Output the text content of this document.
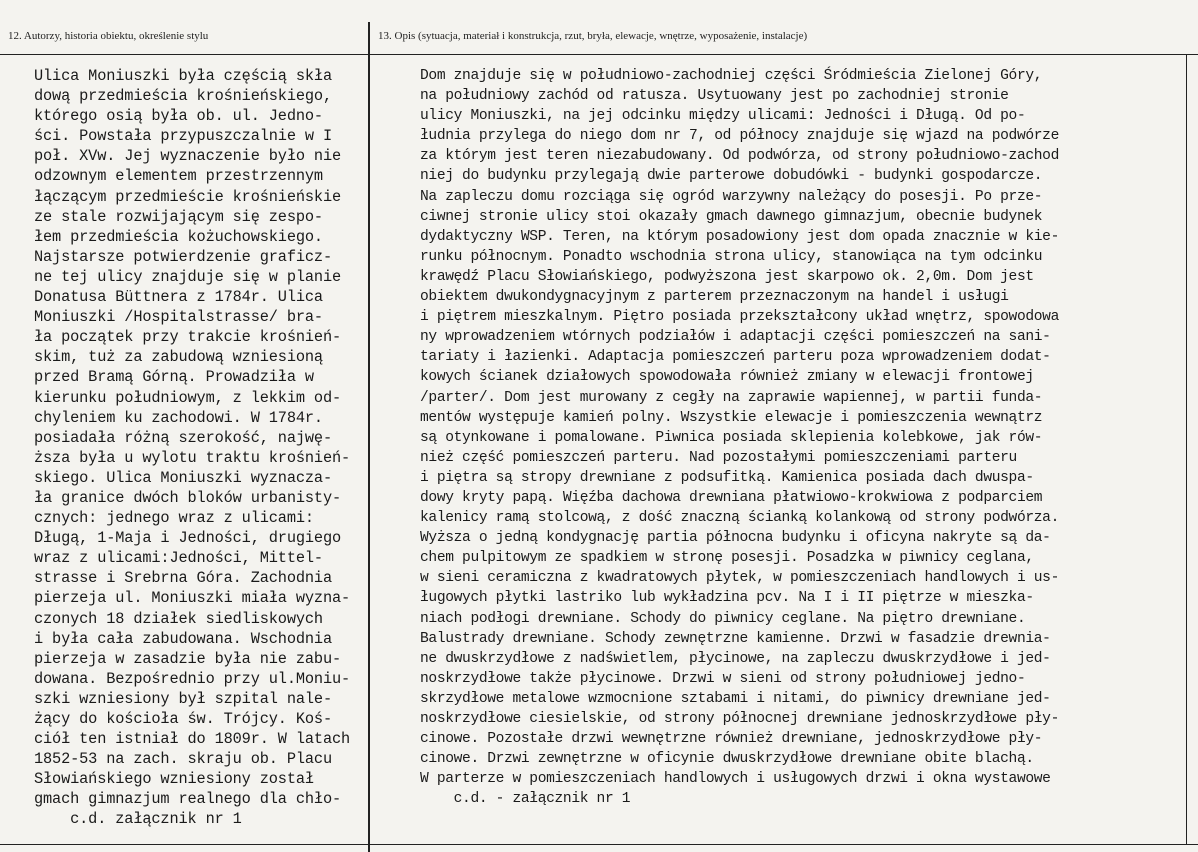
12. Autorzy, historia obiektu, określenie stylu	13. Opis (sytuacja, materiał i konstrukcja, rzut, bryła, elewacje, wnętrze, wyposażenie, instalacje)
Ulica Moniuszki była częścią skła
dową przedmieścia krośnieńskiego,
którego osią była ob. ul. Jedno-
ści. Powstała przypuszczalnie w I
poł. XVw. Jej wyznaczenie było nie
odzownym elementem przestrzennym
łączącym przedmieście krośnieńskie
ze stale rozwijającym się zespo-
łem przedmieścia kożuchowskiego.
Najstarsze potwierdzenie graficz-
ne tej ulicy znajduje się w planie
Donatusa Büttnera z 1784r. Ulica
Moniuszki /Hospitalstrasse/ bra-
ła początek przy trakcie krośnień-
skim, tuż za zabudową wzniesioną
przed Bramą Górną. Prowadziła w
kierunku południowym, z lekkim od-
chyleniem ku zachodowi. W 1784r.
posiadała różną szerokość, najwę-
ższa była u wylotu traktu krośnień-
skiego. Ulica Moniuszki wyznacza-
ła granice dwóch bloków urbanisty-
cznych: jednego wraz z ulicami:
Długą, 1-Maja i Jedności, drugiego
wraz z ulicami:Jedności, Mittel-
strasse i Srebrna Góra. Zachodnia
pierzeja ul. Moniuszki miała wyzna-
czonych 18 działek siedliskowych
i była cała zabudowana. Wschodnia
pierzeja w zasadzie była nie zabu-
dowana. Bezpośrednio przy ul.Moniu-
szki wzniesiony był szpital nale-
żący do kościoła św. Trójcy. Koś-
ciół ten istniał do 1809r. W latach
1852-53 na zach. skraju ob. Placu
Słowiańskiego wzniesiony został
gmach gimnazjum realnego dla chło-
c.d. załącznik nr 1
Dom znajduje się w południowo-zachodniej części Śródmieścia Zielonej Góry,
na południowy zachód od ratusza. Usytuowany jest po zachodniej stronie
ulicy Moniuszki, na jej odcinku między ulicami: Jedności i Długą. Od po-
łudnia przylega do niego dom nr 7, od północy znajduje się wjazd na podwórze
za którym jest teren niezabudowany. Od podwórza, od strony południowo-zachod
niej do budynku przylegają dwie parterowe dobudówki - budynki gospodarcze.
Na zapleczu domu rozciąga się ogród warzywny należący do posesji. Po prze-
ciwnej stronie ulicy stoi okazały gmach dawnego gimnazjum, obecnie budynek
dydaktyczny WSP. Teren, na którym posadowiony jest dom opada znacznie w kie-
runku północnym. Ponadto wschodnia strona ulicy, stanowiąca na tym odcinku
krawędź Placu Słowiańskiego, podwyższona jest skarpowo ok. 2,0m. Dom jest
obiektem dwukondygnacyjnym z parterem przeznaczonym na handel i usługi
i piętrem mieszkalnym. Piętro posiada przekształcony układ wnętrz, spowodowa
ny wprowadzeniem wtórnych podziałów i adaptacji części pomieszczeń na sani-
tariaty i łazienki. Adaptacja pomieszczeń parteru poza wprowadzeniem dodat-
kowych ścianek działowych spowodowała również zmiany w elewacji frontowej
/parter/. Dom jest murowany z cegły na zaprawie wapiennej, w partii funda-
mentów występuje kamień polny. Wszystkie elewacje i pomieszczenia wewnątrz
są otynkowane i pomalowane. Piwnica posiada sklepienia kolebkowe, jak rów-
nież część pomieszczeń parteru. Nad pozostałymi pomieszczeniami parteru
i piętra są stropy drewniane z podsufitką. Kamienica posiada dach dwuspa-
dowy kryty papą. Więźba dachowa drewniana płatwiowo-krokwiowa z podparciem
kalenicy ramą stolcową, z dość znaczną ścianką kolankową od strony podwórza.
Wyższa o jedną kondygnację partia północna budynku i oficyna nakryte są da-
chem pulpitowym ze spadkiem w stronę posesji. Posadzka w piwnicy ceglana,
w sieni ceramiczna z kwadratowych płytek, w pomieszczeniach handlowych i us-
ługowych płytki lastriko lub wykładzina pcv. Na I i II piętrze w mieszka-
niach podłogi drewniane. Schody do piwnicy ceglane. Na piętro drewniane.
Balustrady drewniane. Schody zewnętrzne kamienne. Drzwi w fasadzie drewnia-
ne dwuskrzydłowe z nadświetlem, płycinowe, na zapleczu dwuskrzydłowe i jed-
noskrzydłowe także płycinowe. Drzwi w sieni od strony południowej jedno-
skrzydłowe metalowe wzmocnione sztabami i nitami, do piwnicy drewniane jed-
noskrzydłowe ciesielskie, od strony północnej drewniane jednoskrzydłowe pły-
cinowe. Pozostałe drzwi wewnętrzne również drewniane, jednoskrzydłowe pły-
cinowe. Drzwi zewnętrzne w oficynie dwuskrzydłowe drewniane obite blachą.
W parterze w pomieszczeniach handlowych i usługowych drzwi i okna wystawowe
c.d. - załącznik nr 1
